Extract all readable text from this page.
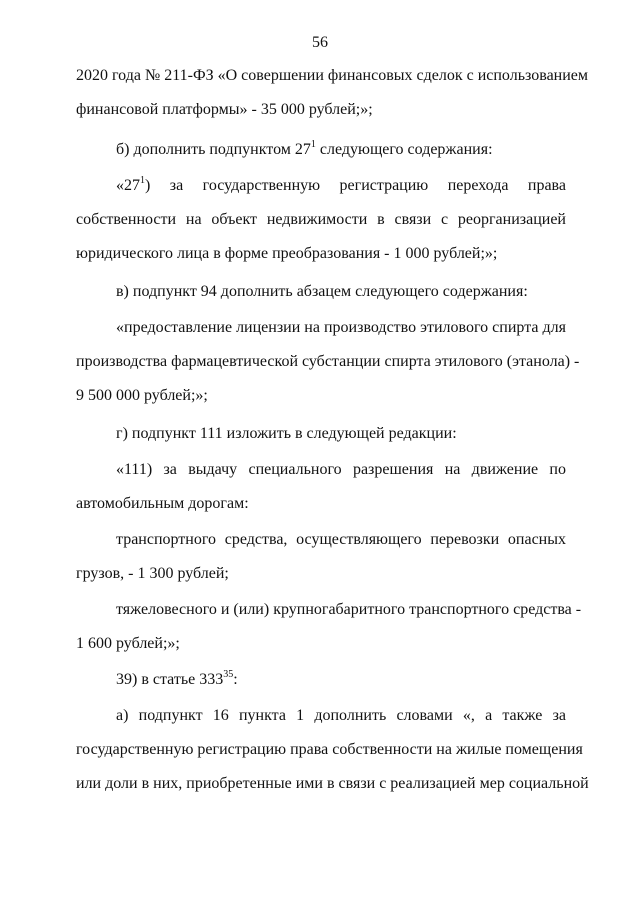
56
2020 года № 211-ФЗ «О совершении финансовых сделок с использованием
финансовой платформы» - 35 000 рублей;»;
б) дополнить подпунктом $27^1$ следующего содержания:
«$27^1$) за государственную регистрацию перехода права
собственности на объект недвижимости в связи с реорганизацией
юридического лица в форме преобразования - 1 000 рублей;»;
в) подпункт 94 дополнить абзацем следующего содержания:
«предоставление лицензии на производство этилового спирта для
производства фармацевтической субстанции спирта этилового (этанола) -
9 500 000 рублей;»;
г) подпункт 111 изложить в следующей редакции:
«111) за выдачу специального разрешения на движение по
автомобильным дорогам:
транспортного средства, осуществляющего перевозки опасных
грузов, - 1 300 рублей;
тяжеловесного и (или) крупногабаритного транспортного средства -
1 600 рублей;»;
39) в статье $333^{35}$:
а) подпункт 16 пункта 1 дополнить словами «, а также за
государственную регистрацию права собственности на жилые помещения
или доли в них, приобретенные ими в связи с реализацией мер социальной
